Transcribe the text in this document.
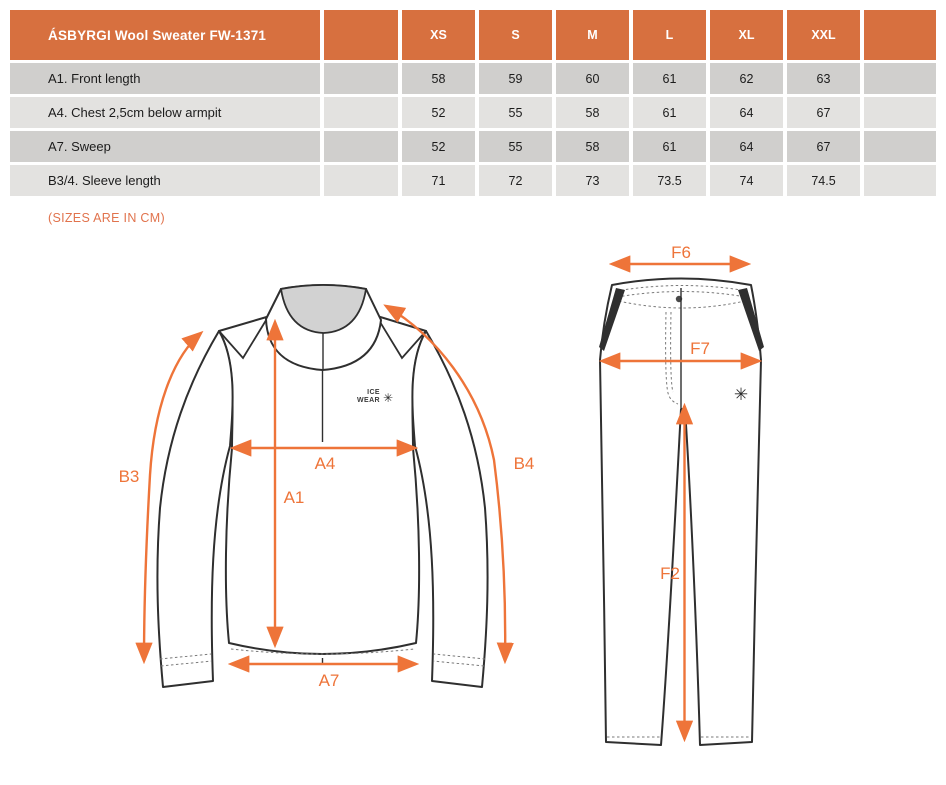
ÁSBYRGI Wool Sweater FW-1371	XS	S	M	L	XL	XXL
A1. Front length	58	59	60	61	62	63
A4. Chest 2,5cm below armpit	52	55	58	61	64	67
A7. Sweep	52	55	58	61	64	67
B3/4. Sleeve length	71	72	73	73.5	74	74.5
(SIZES ARE IN CM)
ICE
WEAR ✳
B3
B4
A4
A1
A7
✳
F6
F7
F2
